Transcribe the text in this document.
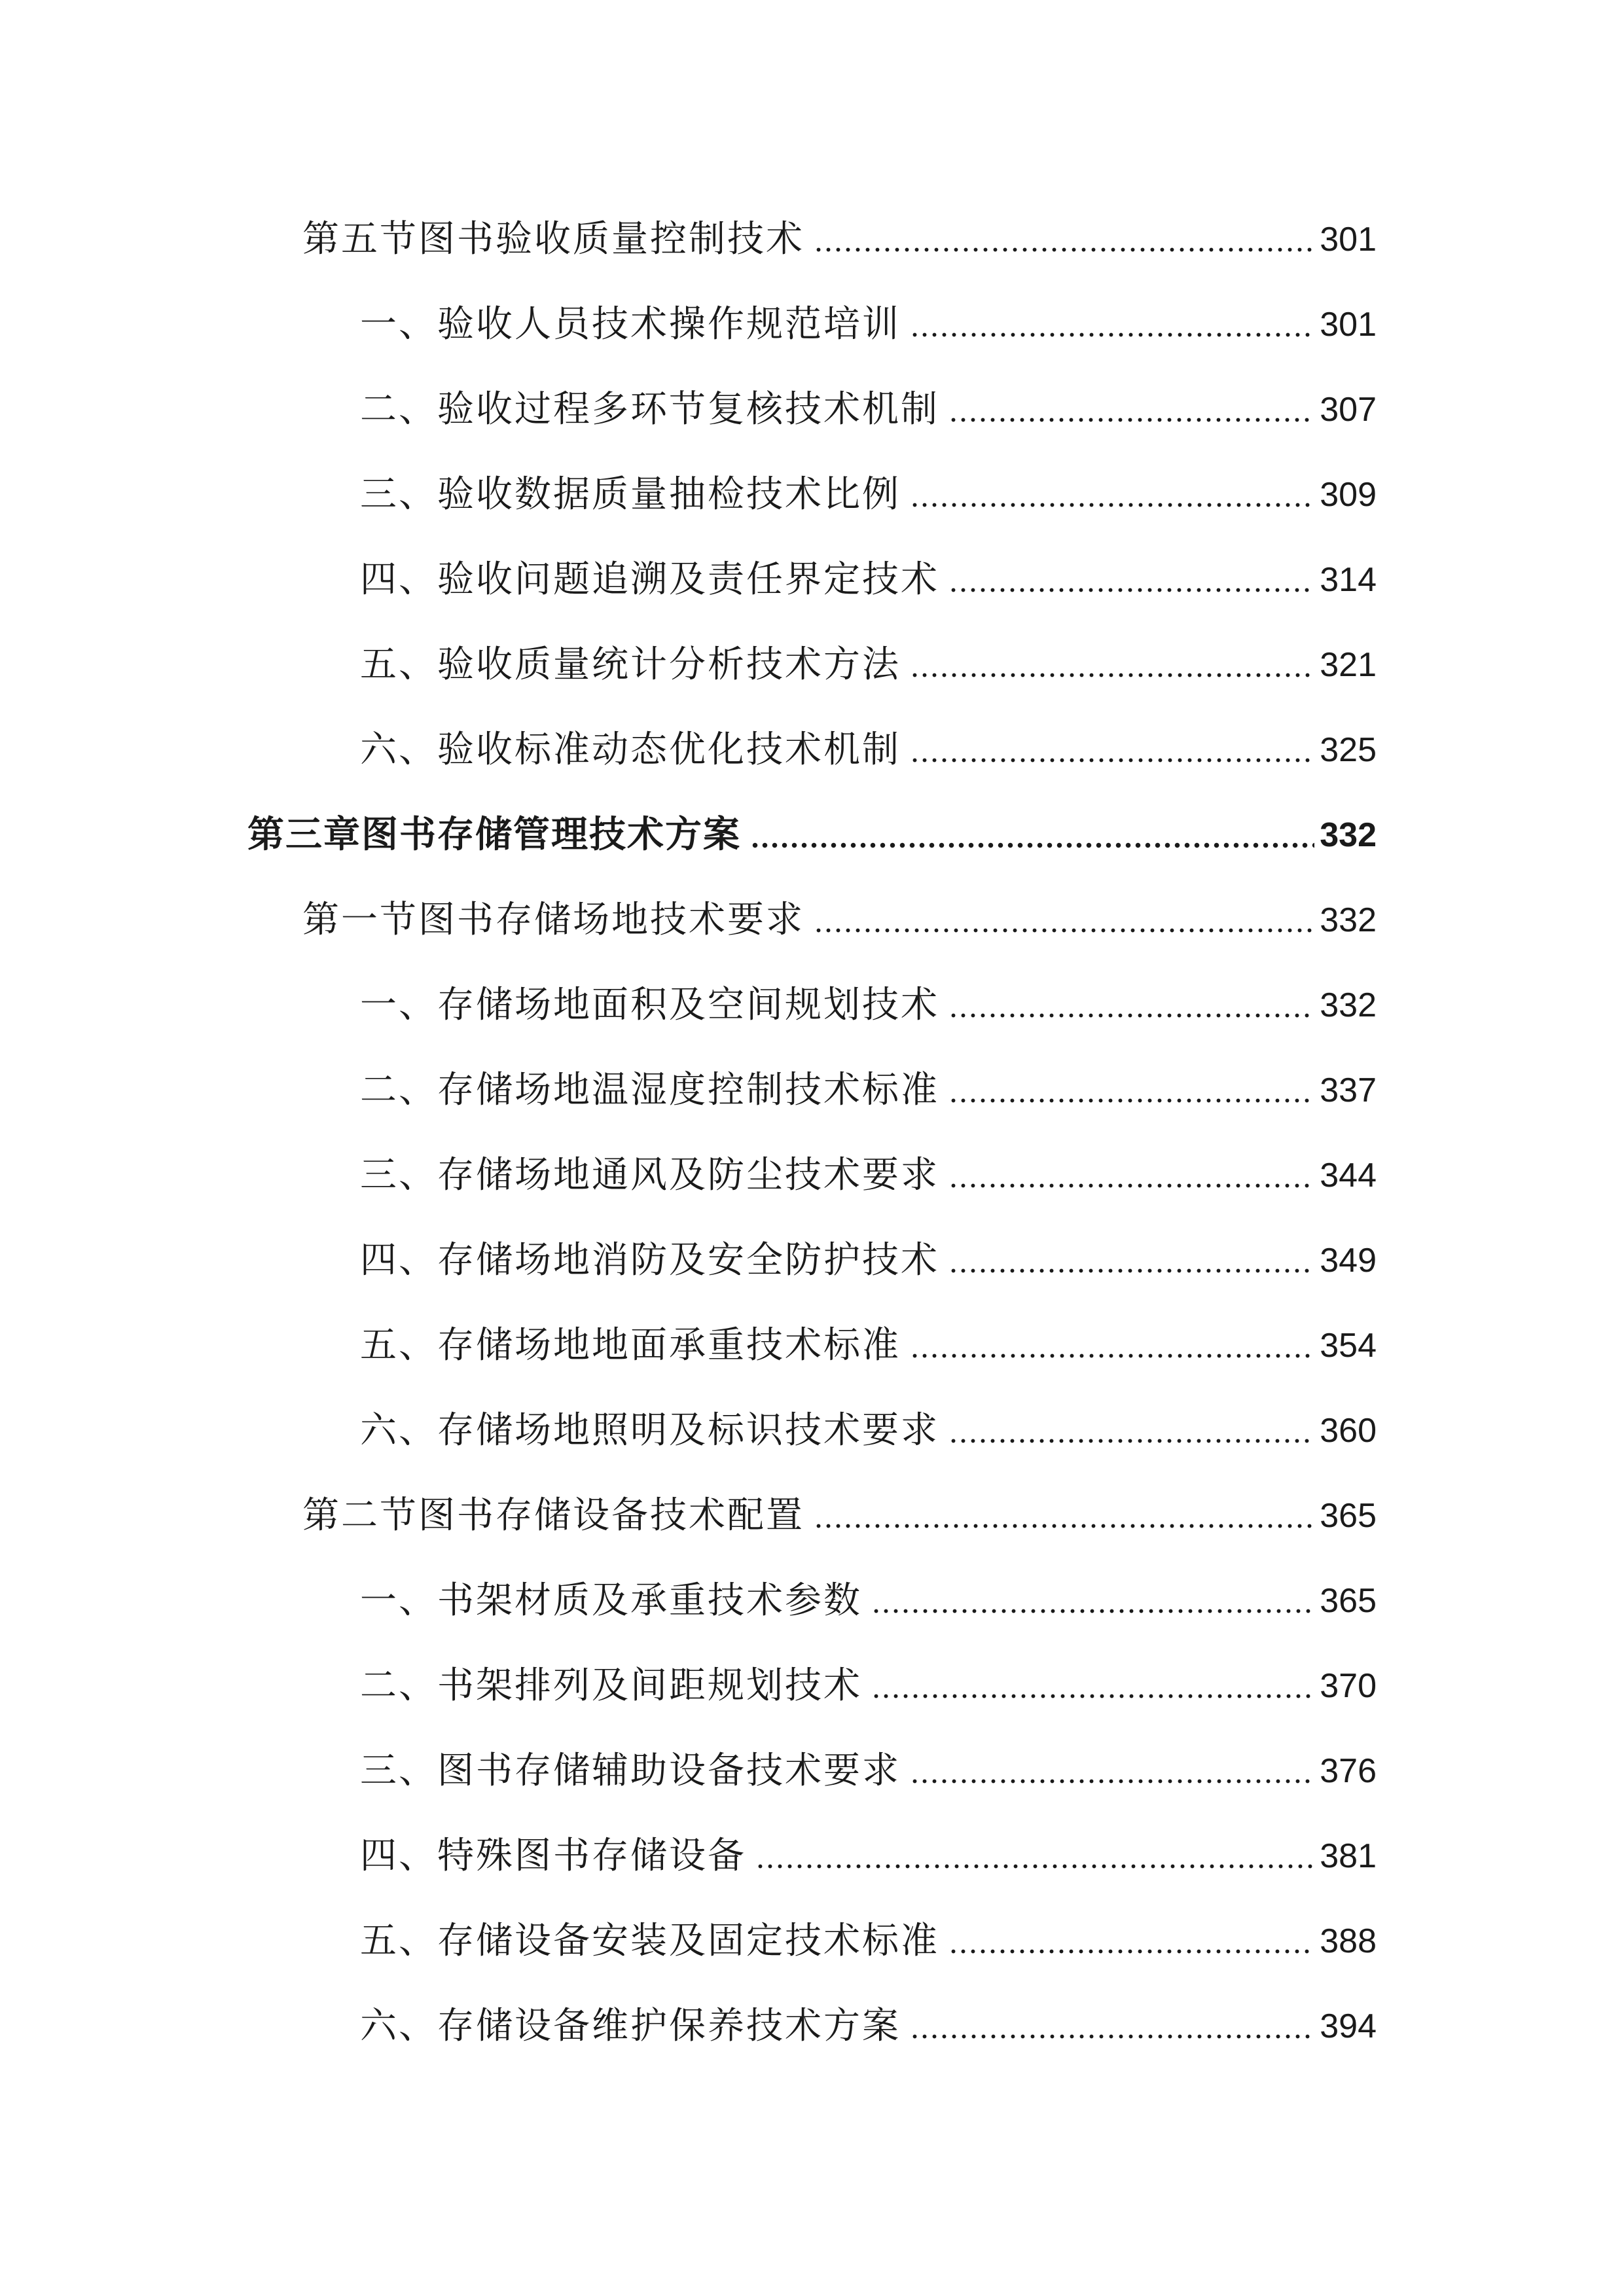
第五节图书验收质量控制技术	301
一、验收人员技术操作规范培训	301
二、验收过程多环节复核技术机制	307
三、验收数据质量抽检技术比例	309
四、验收问题追溯及责任界定技术	314
五、验收质量统计分析技术方法	321
六、验收标准动态优化技术机制	325
第三章图书存储管理技术方案	332
第一节图书存储场地技术要求	332
一、存储场地面积及空间规划技术	332
二、存储场地温湿度控制技术标准	337
三、存储场地通风及防尘技术要求	344
四、存储场地消防及安全防护技术	349
五、存储场地地面承重技术标准	354
六、存储场地照明及标识技术要求	360
第二节图书存储设备技术配置	365
一、书架材质及承重技术参数	365
二、书架排列及间距规划技术	370
三、图书存储辅助设备技术要求	376
四、特殊图书存储设备	381
五、存储设备安装及固定技术标准	388
六、存储设备维护保养技术方案	394
